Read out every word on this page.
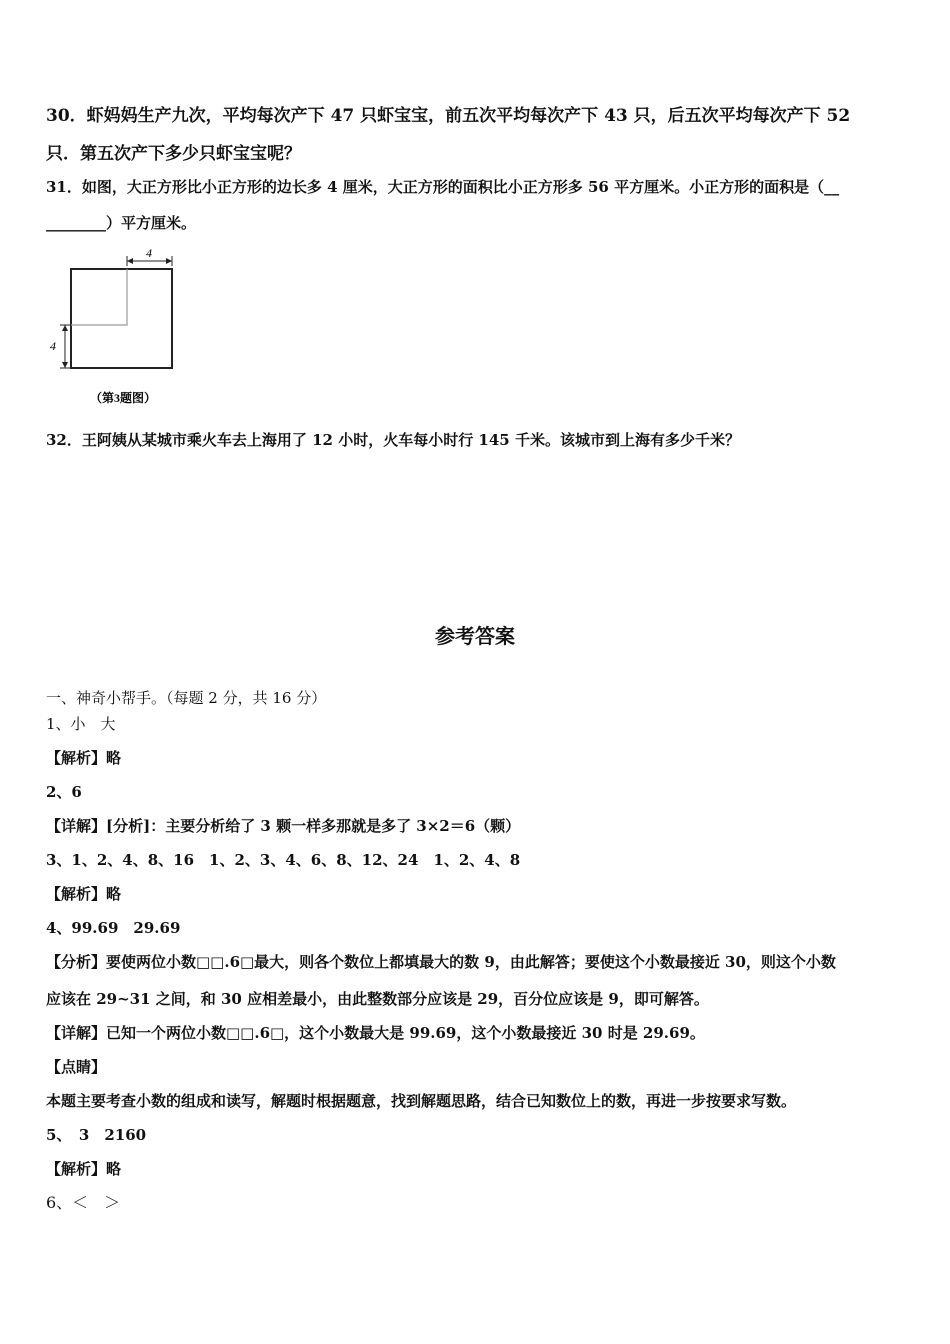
30．虾妈妈生产九次，平均每次产下 47 只虾宝宝，前五次平均每次产下 43 只，后五次平均每次产下 52
只．第五次产下多少只虾宝宝呢？
31．如图，大正方形比小正方形的边长多 4 厘米，大正方形的面积比小正方形多 56 平方厘米。小正方形的面积是（__
________）平方厘米。
4
4
（第3题图）
32．王阿姨从某城市乘火车去上海用了 12 小时，火车每小时行 145 千米。该城市到上海有多少千米？
参考答案
一、神奇小帮手。（每题 2 分，共 16 分）
1、小　大
【解析】略
2、6
【详解】[分析]：主要分析给了 3 颗一样多那就是多了 3×2＝6（颗）
3、1、2、4、8、16　1、2、3、4、6、8、12、24　1、2、4、8
【解析】略
4、99.69　29.69
【分析】要使两位小数□□.6□最大，则各个数位上都填最大的数 9，由此解答；要使这个小数最接近 30，则这个小数
应该在 29~31 之间，和 30 应相差最小，由此整数部分应该是 29，百分位应该是 9，即可解答。
【详解】已知一个两位小数□□.6□，这个小数最大是 99.69，这个小数最接近 30 时是 29.69。
【点睛】
本题主要考查小数的组成和读写，解题时根据题意，找到解题思路，结合已知数位上的数，再进一步按要求写数。
5、　3　2160
【解析】略
6、＜　＞
